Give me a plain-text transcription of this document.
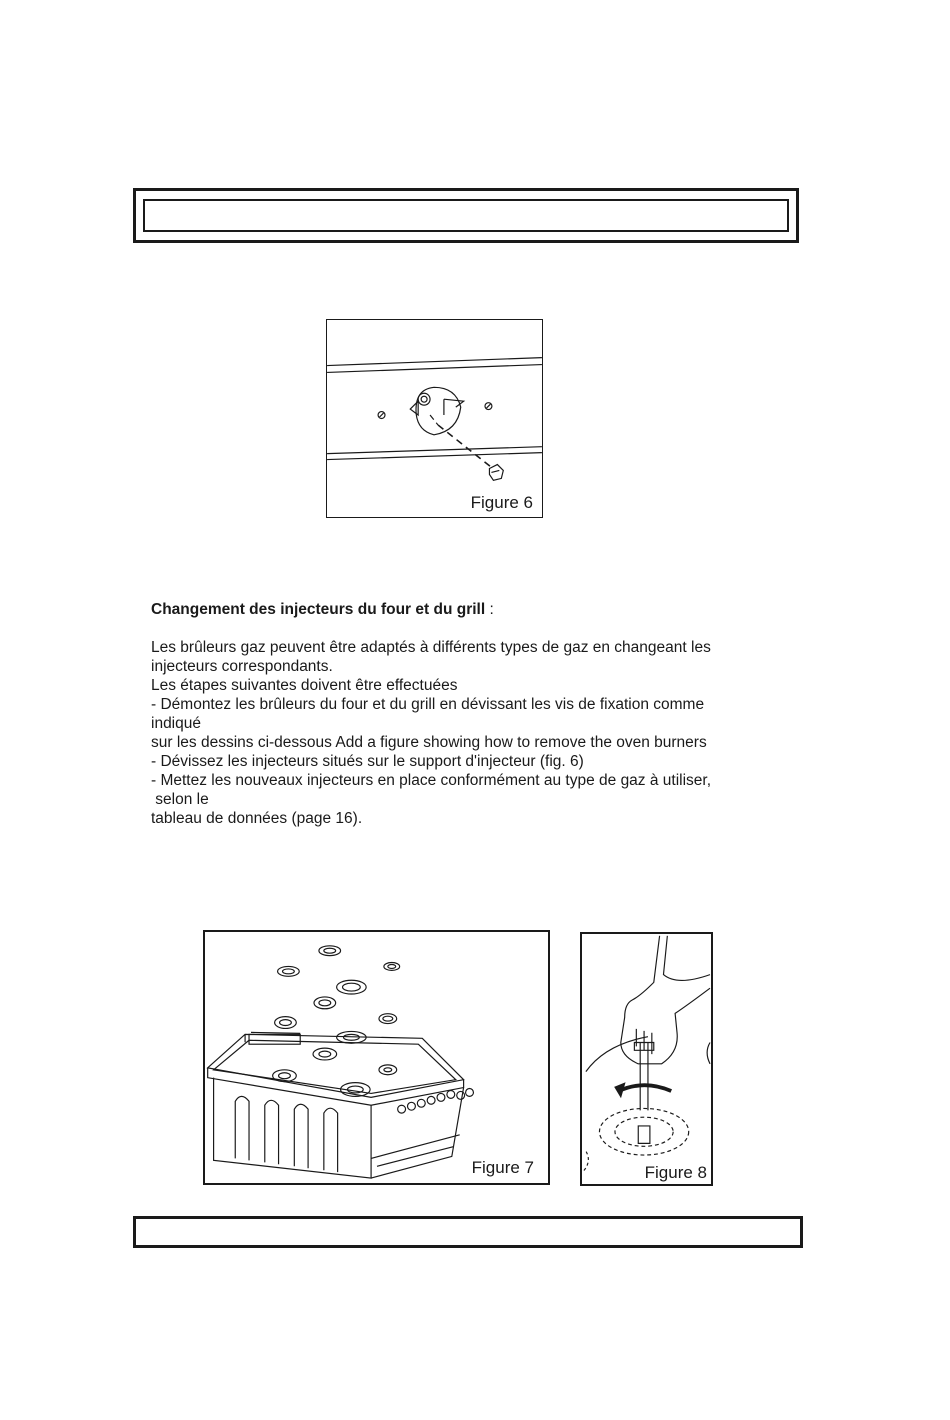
Figure 6

Changement des injecteurs du four et du grill :

Les brûleurs gaz peuvent être adaptés à différents types de gaz en changeant les

injecteurs correspondants.

Les étapes suivantes doivent être effectuées

- Démontez les brûleurs du four et du grill en dévissant les vis de fixation comme

indiqué

sur les dessins ci-dessous Add a figure showing how to remove the oven burners

- Dévissez les injecteurs situés sur le support d'injecteur (fig. 6)

- Mettez les nouveaux injecteurs en place conformément au type de gaz à utiliser,

selon le

tableau de données (page 16).

Figure 7	Figure 8
